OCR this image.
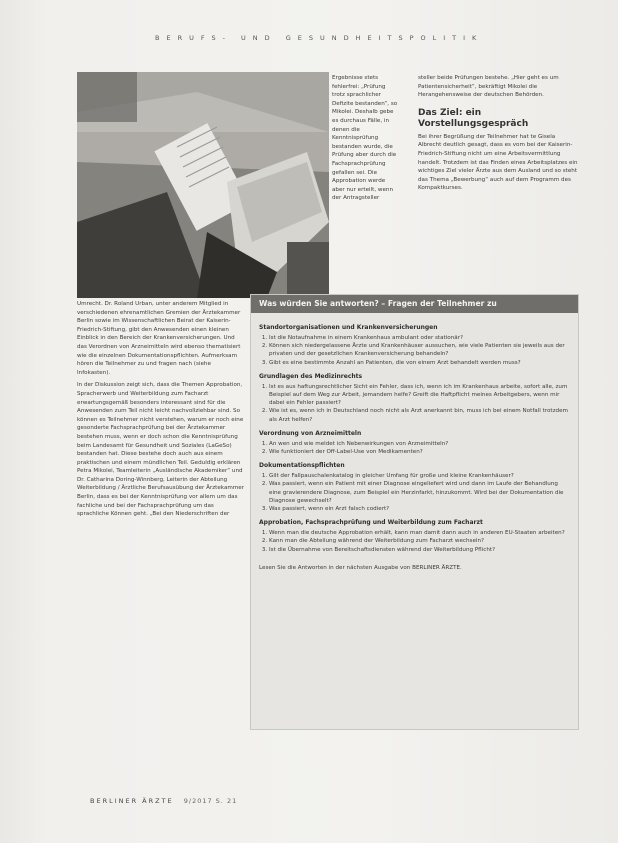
BERUFS- UND GESUNDHEITSPOLITIK

Ergebnisse stets fehlerfrei: „Prüfung trotz sprachlicher Defizite bestanden“, so Mikolei. Deshalb gebe es durchaus Fälle, in denen die Kenntnisprüfung bestanden wurde, die Prüfung aber durch die Fachsprachprüfung gefallen sei. Die Approbation werde aber nur erteilt, wenn der Antragsteller

steller beide Prüfungen bestehe. „Hier geht es um Patientensicherheit“, bekräftigt Mikolei die Herangehensweise der deutschen Behörden.

Das Ziel: ein Vorstellungsgespräch

Bei ihrer Begrüßung der Teilnehmer hat te Gisela Albrecht deutlich gesagt, dass es vom bei der Kaiserin-Friedrich-Stiftung nicht um eine Arbeitsvermittlung handelt. Trotzdem ist das Finden eines Arbeitsplatzes ein wichtiges Ziel vieler Ärzte aus dem Ausland und so steht das Thema „Bewerbung“ auch auf dem Programm des Kompaktkurses.

Umrecht. Dr. Roland Urban, unter anderem Mitglied in verschiedenen ehrenamtlichen Gremien der Ärztekammer Berlin sowie im Wissenschaftlichen Beirat der Kaiserin-Friedrich-Stiftung, gibt den Anwesenden einen kleinen Einblick in den Bereich der Krankenversicherungen. Und das Verordnen von Arzneimitteln wird ebenso thematisiert wie die einzelnen Dokumentationspflichten. Aufmerksam hören die Teilnehmer zu und fragen nach (siehe Infokasten).

In der Diskussion zeigt sich, dass die Themen Approbation, Spracherwerb und Weiterbildung zum Facharzt erwartungsgemäß besonders interessant sind für die Anwesenden zum Teil nicht leicht nachvollziehbar sind. So können es Teilnehmer nicht verstehen, warum er noch eine gesonderte Fachsprachprüfung bei der Ärztekammer bestehen muss, wenn er doch schon die Kenntnisprüfung beim Landesamt für Gesundheit und Soziales (LaGeSo) bestanden hat. Diese bestehe doch auch aus einem praktischen und einem mündlichen Teil. Geduldig erklären Petra Mikolei, Teamleiterin „Ausländische Akademiker“ und Dr. Catharina Doring-Winnberg, Leiterin der Abteilung Weiterbildung / Ärztliche Berufsausübung der Ärztekammer Berlin, dass es bei der Kenntnisprüfung vor allem um das fachliche und bei der Fachsprachprüfung um das sprachliche Können geht. „Bei den Niederschriften der

Was würden Sie antworten? – Fragen der Teilnehmer zu
Standortorganisationen und Krankenversicherungen
1. Ist die Notaufnahme in einem Krankenhaus ambulant oder stationär?
2. Können sich niedergelassene Ärzte und Krankenhäuser aussuchen, wie viele Patienten sie jeweils aus der privaten und der gesetzlichen Krankenversicherung behandeln?
3. Gibt es eine bestimmte Anzahl an Patienten, die von einem Arzt behandelt werden muss?
Grundlagen des Medizinrechts
1. Ist es aus haftungsrechtlicher Sicht ein Fehler, dass ich, wenn ich im Krankenhaus arbeite, sofort alle, zum Beispiel auf dem Weg zur Arbeit, jemandem helfe? Greift die Haftpflicht meines Arbeitgebers, wenn mir dabei ein Fehler passiert?
2. Wie ist es, wenn ich in Deutschland noch nicht als Arzt anerkannt bin, muss ich bei einem Notfall trotzdem als Arzt helfen?
Verordnung von Arzneimitteln
1. An wen und wie meldet ich Nebenwirkungen von Arzneimitteln?
2. Wie funktioniert der Off-Label-Use von Medikamenten?
Dokumentationspflichten
1. Gilt der Fallpauschalenkatalog in gleicher Umfang für große und kleine Krankenhäuser?
2. Was passiert, wenn ein Patient mit einer Diagnose eingeliefert wird und dann im Laufe der Behandlung eine gravierendere Diagnose, zum Beispiel ein Herzinfarkt, hinzukommt. Wird bei der Dokumentation die Diagnose gewechselt?
3. Was passiert, wenn ein Arzt falsch codiert?
Approbation, Fachsprachprüfung und Weiterbildung zum Facharzt
1. Wenn man die deutsche Approbation erhält, kann man damit dann auch in anderen EU-Staaten arbeiten?
2. Kann man die Abteilung während der Weiterbildung zum Facharzt wechseln?
3. Ist die Übernahme von Bereitschaftsdiensten während der Weiterbildung Pflicht?
Lesen Sie die Antworten in der nächsten Ausgabe von BERLINER ÄRZTE.
BERLINER ÄRZTE 9/2017 S. 21
